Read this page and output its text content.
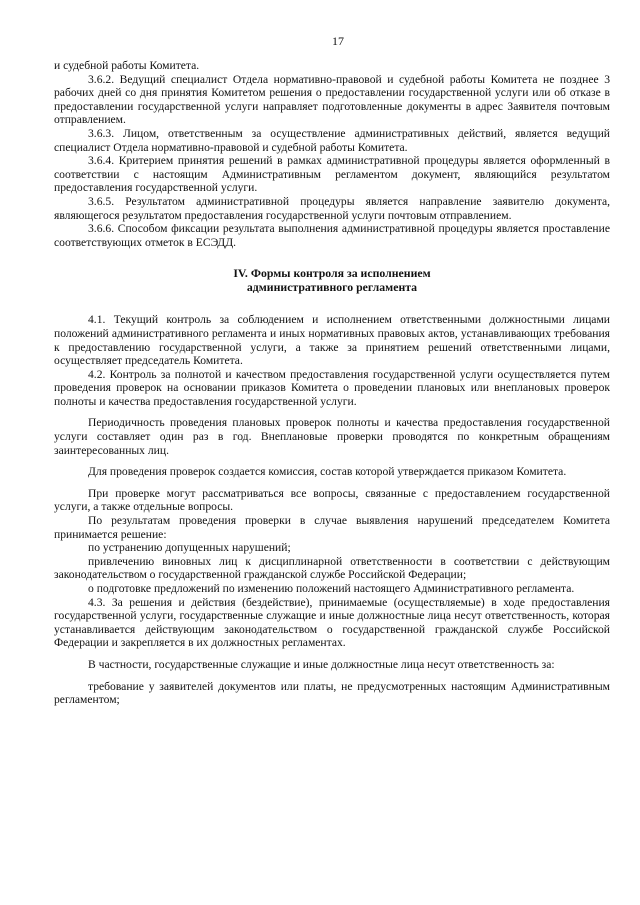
17

и судебной работы Комитета.

3.6.2. Ведущий специалист Отдела нормативно-правовой и судебной работы Комитета не позднее 3 рабочих дней со дня принятия Комитетом решения о предоставлении государственной услуги или об отказе в предоставлении государственной услуги направляет подготовленные документы в адрес Заявителя почтовым отправлением.

3.6.3. Лицом, ответственным за осуществление административных действий, является ведущий специалист Отдела нормативно-правовой и судебной работы Комитета.

3.6.4. Критерием принятия решений в рамках административной процедуры является оформленный в соответствии с настоящим Административным регламентом документ, являющийся результатом предоставления государственной услуги.

3.6.5. Результатом административной процедуры является направление заявителю документа, являющегося результатом предоставления государственной услуги почтовым отправлением.

3.6.6. Способом фиксации результата выполнения административной процедуры является проставление соответствующих отметок в ЕСЭДД.

IV. Формы контроля за исполнением
административного регламента

4.1. Текущий контроль за соблюдением и исполнением ответственными должностными лицами положений административного регламента и иных нормативных правовых актов, устанавливающих требования к предоставлению государственной услуги, а также за принятием решений ответственными лицами, осуществляет председатель Комитета.

4.2. Контроль за полнотой и качеством предоставления государственной услуги осуществляется путем проведения проверок на основании приказов Комитета о проведении плановых или внеплановых проверок полноты и качества предоставления государственной услуги.

Периодичность проведения плановых проверок полноты и качества предоставления государственной услуги составляет один раз в год. Внеплановые проверки проводятся по конкретным обращениям заинтересованных лиц.

Для проведения проверок создается комиссия, состав которой утверждается приказом Комитета.

При проверке могут рассматриваться все вопросы, связанные с предоставлением государственной услуги, а также отдельные вопросы.

По результатам проведения проверки в случае выявления нарушений председателем Комитета принимается решение:

по устранению допущенных нарушений;

привлечению виновных лиц к дисциплинарной ответственности в соответствии с действующим законодательством о государственной гражданской службе Российской Федерации;

о подготовке предложений по изменению положений настоящего Административного регламента.

4.3. За решения и действия (бездействие), принимаемые (осуществляемые) в ходе предоставления государственной услуги, государственные служащие и иные должностные лица несут ответственность, которая устанавливается действующим законодательством о государственной гражданской службе Российской Федерации и закрепляется в их должностных регламентах.

В частности, государственные служащие и иные должностные лица несут ответственность за:

требование у заявителей документов или платы, не предусмотренных настоящим Административным регламентом;
